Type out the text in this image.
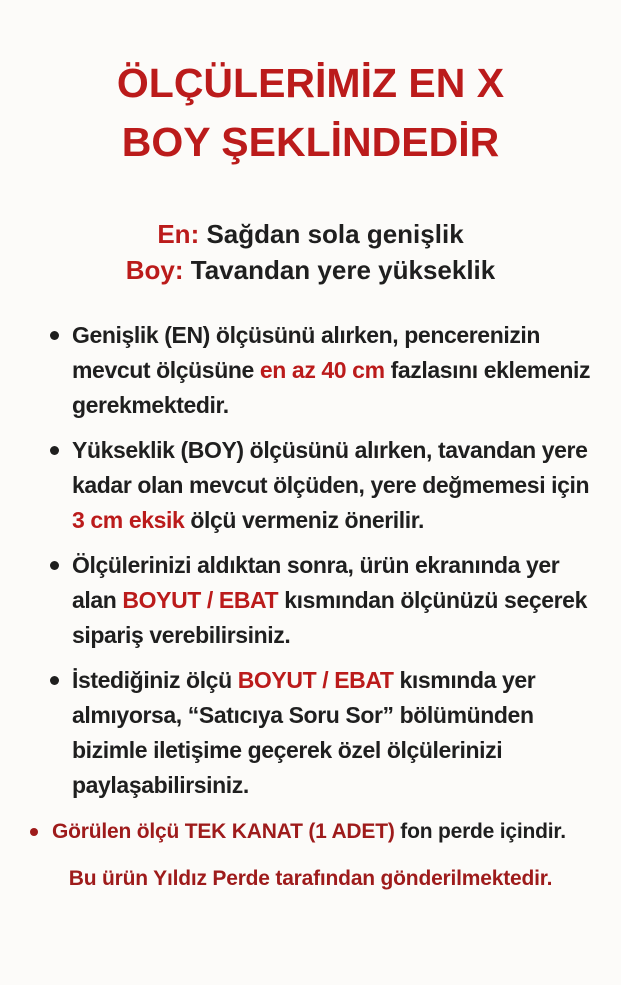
ÖLÇÜLERİMİZ EN X
BOY ŞEKLİNDEDİR
En: Sağdan sola genişlik
Boy: Tavandan yere yükseklik
Genişlik (EN) ölçüsünü alırken, pencerenizin mevcut ölçüsüne en az 40 cm fazlasını eklemeniz gerekmektedir.
Yükseklik (BOY) ölçüsünü alırken, tavandan yere kadar olan mevcut ölçüden, yere değmemesi için 3 cm eksik ölçü vermeniz önerilir.
Ölçülerinizi aldıktan sonra, ürün ekranında yer alan BOYUT / EBAT kısmından ölçünüzü seçerek sipariş verebilirsiniz.
İstediğiniz ölçü BOYUT / EBAT kısmında yer almıyorsa, “Satıcıya Soru Sor” bölümünden bizimle iletişime geçerek özel ölçülerinizi paylaşabilirsiniz.
Görülen ölçü TEK KANAT (1 ADET) fon perde içindir.
Bu ürün Yıldız Perde tarafından gönderilmektedir.
